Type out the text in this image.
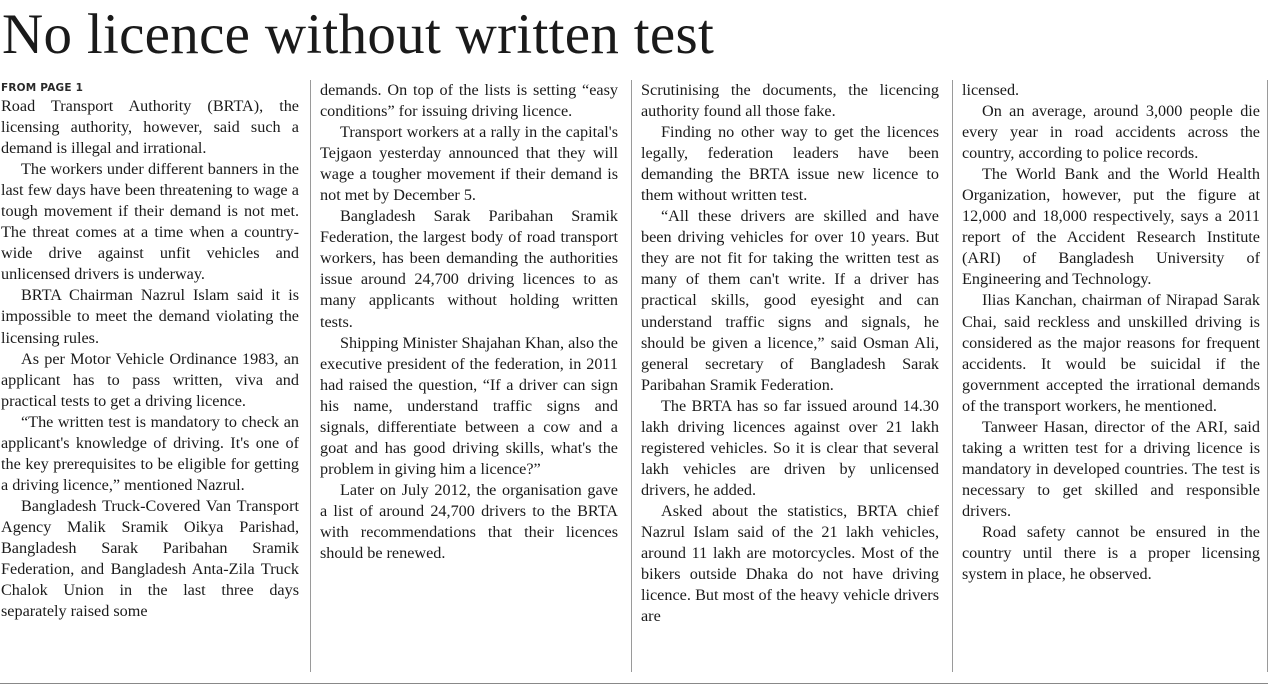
No licence without written test
FROM PAGE 1

Road Transport Authority (BRTA), the licensing authority, however, said such a demand is illegal and irrational.

The workers under different banners in the last few days have been threatening to wage a tough movement if their demand is not met. The threat comes at a time when a country-wide drive against unfit vehicles and unlicensed drivers is underway.

BRTA Chairman Nazrul Islam said it is impossible to meet the demand violating the licensing rules.

As per Motor Vehicle Ordinance 1983, an applicant has to pass written, viva and practical tests to get a driving licence.

“The written test is mandatory to check an applicant's knowledge of driving. It's one of the key prerequisites to be eligible for getting a driving licence,” mentioned Nazrul.

Bangladesh Truck-Covered Van Transport Agency Malik Sramik Oikya Parishad, Bangladesh Sarak Paribahan Sramik Federation, and Bangladesh Anta-Zila Truck Chalok Union in the last three days separately raised some

demands. On top of the lists is setting “easy conditions” for issuing driving licence.

Transport workers at a rally in the capital's Tejgaon yesterday announced that they will wage a tougher movement if their demand is not met by December 5.

Bangladesh Sarak Paribahan Sramik Federation, the largest body of road transport workers, has been demanding the authorities issue around 24,700 driving licences to as many applicants without holding written tests.

Shipping Minister Shajahan Khan, also the executive president of the federation, in 2011 had raised the question, “If a driver can sign his name, understand traffic signs and signals, differentiate between a cow and a goat and has good driving skills, what's the problem in giving him a licence?”

Later on July 2012, the organisation gave a list of around 24,700 drivers to the BRTA with recommendations that their licences should be renewed.

Scrutinising the documents, the licencing authority found all those fake.

Finding no other way to get the licences legally, federation leaders have been demanding the BRTA issue new licence to them without written test.

“All these drivers are skilled and have been driving vehicles for over 10 years. But they are not fit for taking the written test as many of them can't write. If a driver has practical skills, good eyesight and can understand traffic signs and signals, he should be given a licence,” said Osman Ali, general secretary of Bangladesh Sarak Paribahan Sramik Federation.

The BRTA has so far issued around 14.30 lakh driving licences against over 21 lakh registered vehicles. So it is clear that several lakh vehicles are driven by unlicensed drivers, he added.

Asked about the statistics, BRTA chief Nazrul Islam said of the 21 lakh vehicles, around 11 lakh are motorcycles. Most of the bikers outside Dhaka do not have driving licence. But most of the heavy vehicle drivers are

licensed.

On an average, around 3,000 people die every year in road accidents across the country, according to police records.

The World Bank and the World Health Organization, however, put the figure at 12,000 and 18,000 respectively, says a 2011 report of the Accident Research Institute (ARI) of Bangladesh University of Engineering and Technology.

Ilias Kanchan, chairman of Nirapad Sarak Chai, said reckless and unskilled driving is considered as the major reasons for frequent accidents. It would be suicidal if the government accepted the irrational demands of the transport workers, he mentioned.

Tanweer Hasan, director of the ARI, said taking a written test for a driving licence is mandatory in developed countries. The test is necessary to get skilled and responsible drivers.

Road safety cannot be ensured in the country until there is a proper licensing system in place, he observed.
